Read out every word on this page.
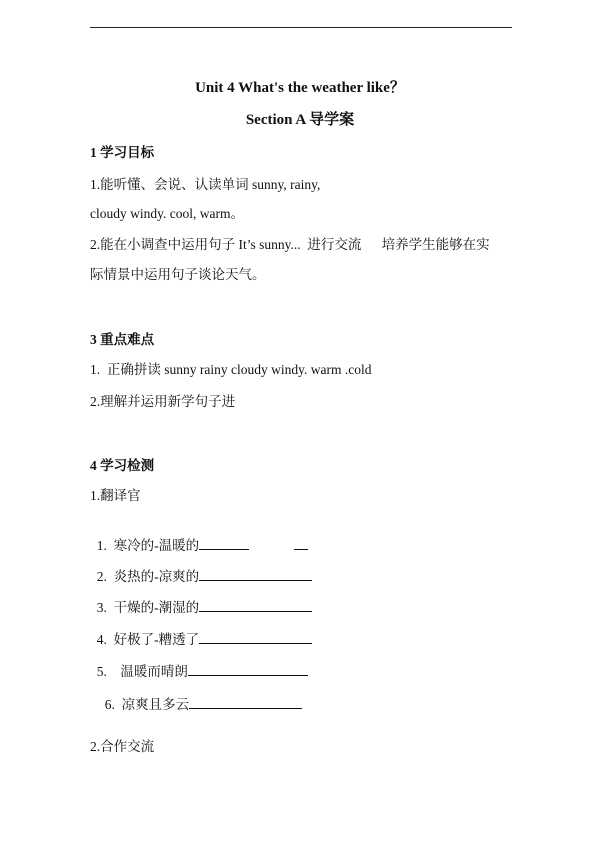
Unit 4 What's the weather like？
Section A 导学案
1 学习目标
1.能听懂、会说、认读单词 sunny, rainy,
cloudy windy. cool, warm。
2.能在小调查中运用句子 It’s sunny...  进行交流      培养学生能够在实
际情景中运用句子谈论天气。
3 重点难点
1.  正确拼读 sunny rainy cloudy windy. warm .cold
2.理解并运用新学句子进
4 学习检测
1.翻译官

1.  寒冷的-温暖的

2.  炎热的-凉爽的

3.  干燥的-潮湿的

4.  好极了-糟透了

5.    温暖而晴朗

6.  凉爽且多云

2.合作交流
